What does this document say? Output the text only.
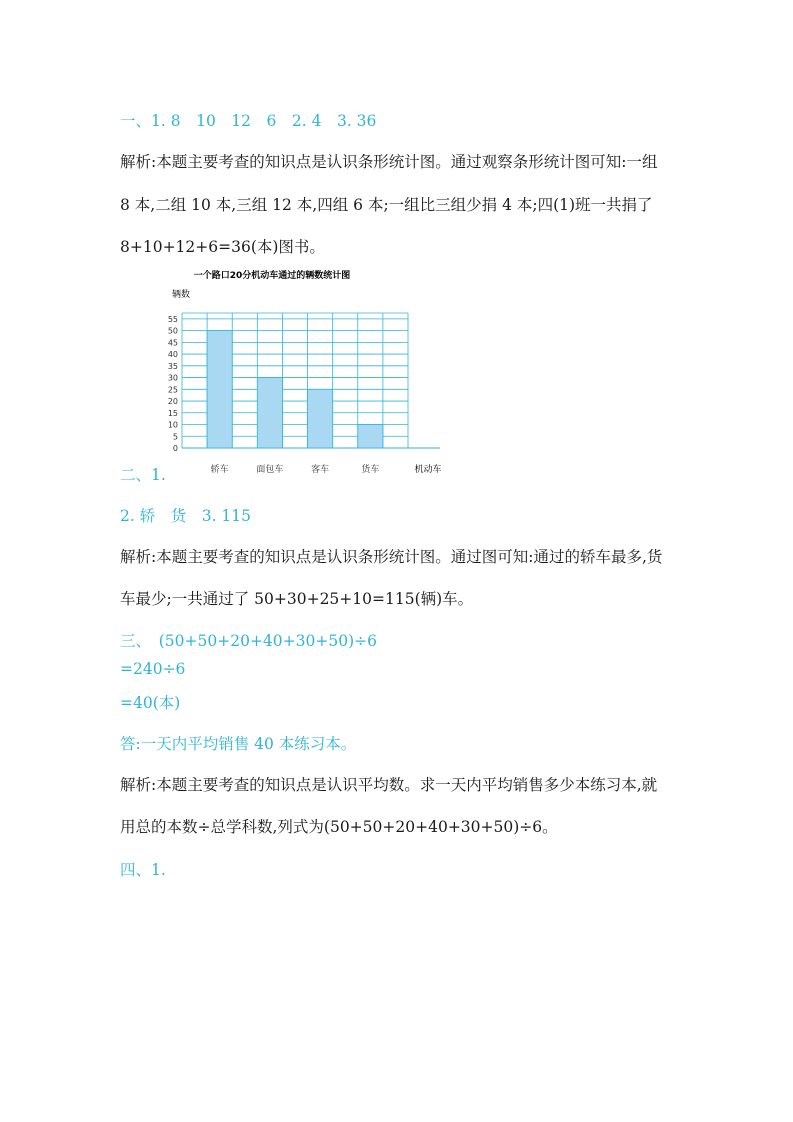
一、1. 8　10　12　6　2. 4　3. 36
解析:本题主要考查的知识点是认识条形统计图。通过观察条形统计图可知:一组
8 本,二组 10 本,三组 12 本,四组 6 本;一组比三组少捐 4 本;四(1)班一共捐了
8+10+12+6=36(本)图书。
一个路口20分机动车通过的辆数统计图
辆数
0
5
10
15
20
25
30
35
40
45
50
55
轿车	面包车	客车	货车	机动车
二、1.
2. 轿　货　3. 115
解析:本题主要考查的知识点是认识条形统计图。通过图可知:通过的轿车最多,货
车最少;一共通过了 50+30+25+10=115(辆)车。
三、　(50+50+20+40+30+50)÷6
=240÷6
=40(本)
答:一天内平均销售 40 本练习本。
解析:本题主要考查的知识点是认识平均数。求一天内平均销售多少本练习本,就
用总的本数÷总学科数,列式为(50+50+20+40+30+50)÷6。
四、1.
